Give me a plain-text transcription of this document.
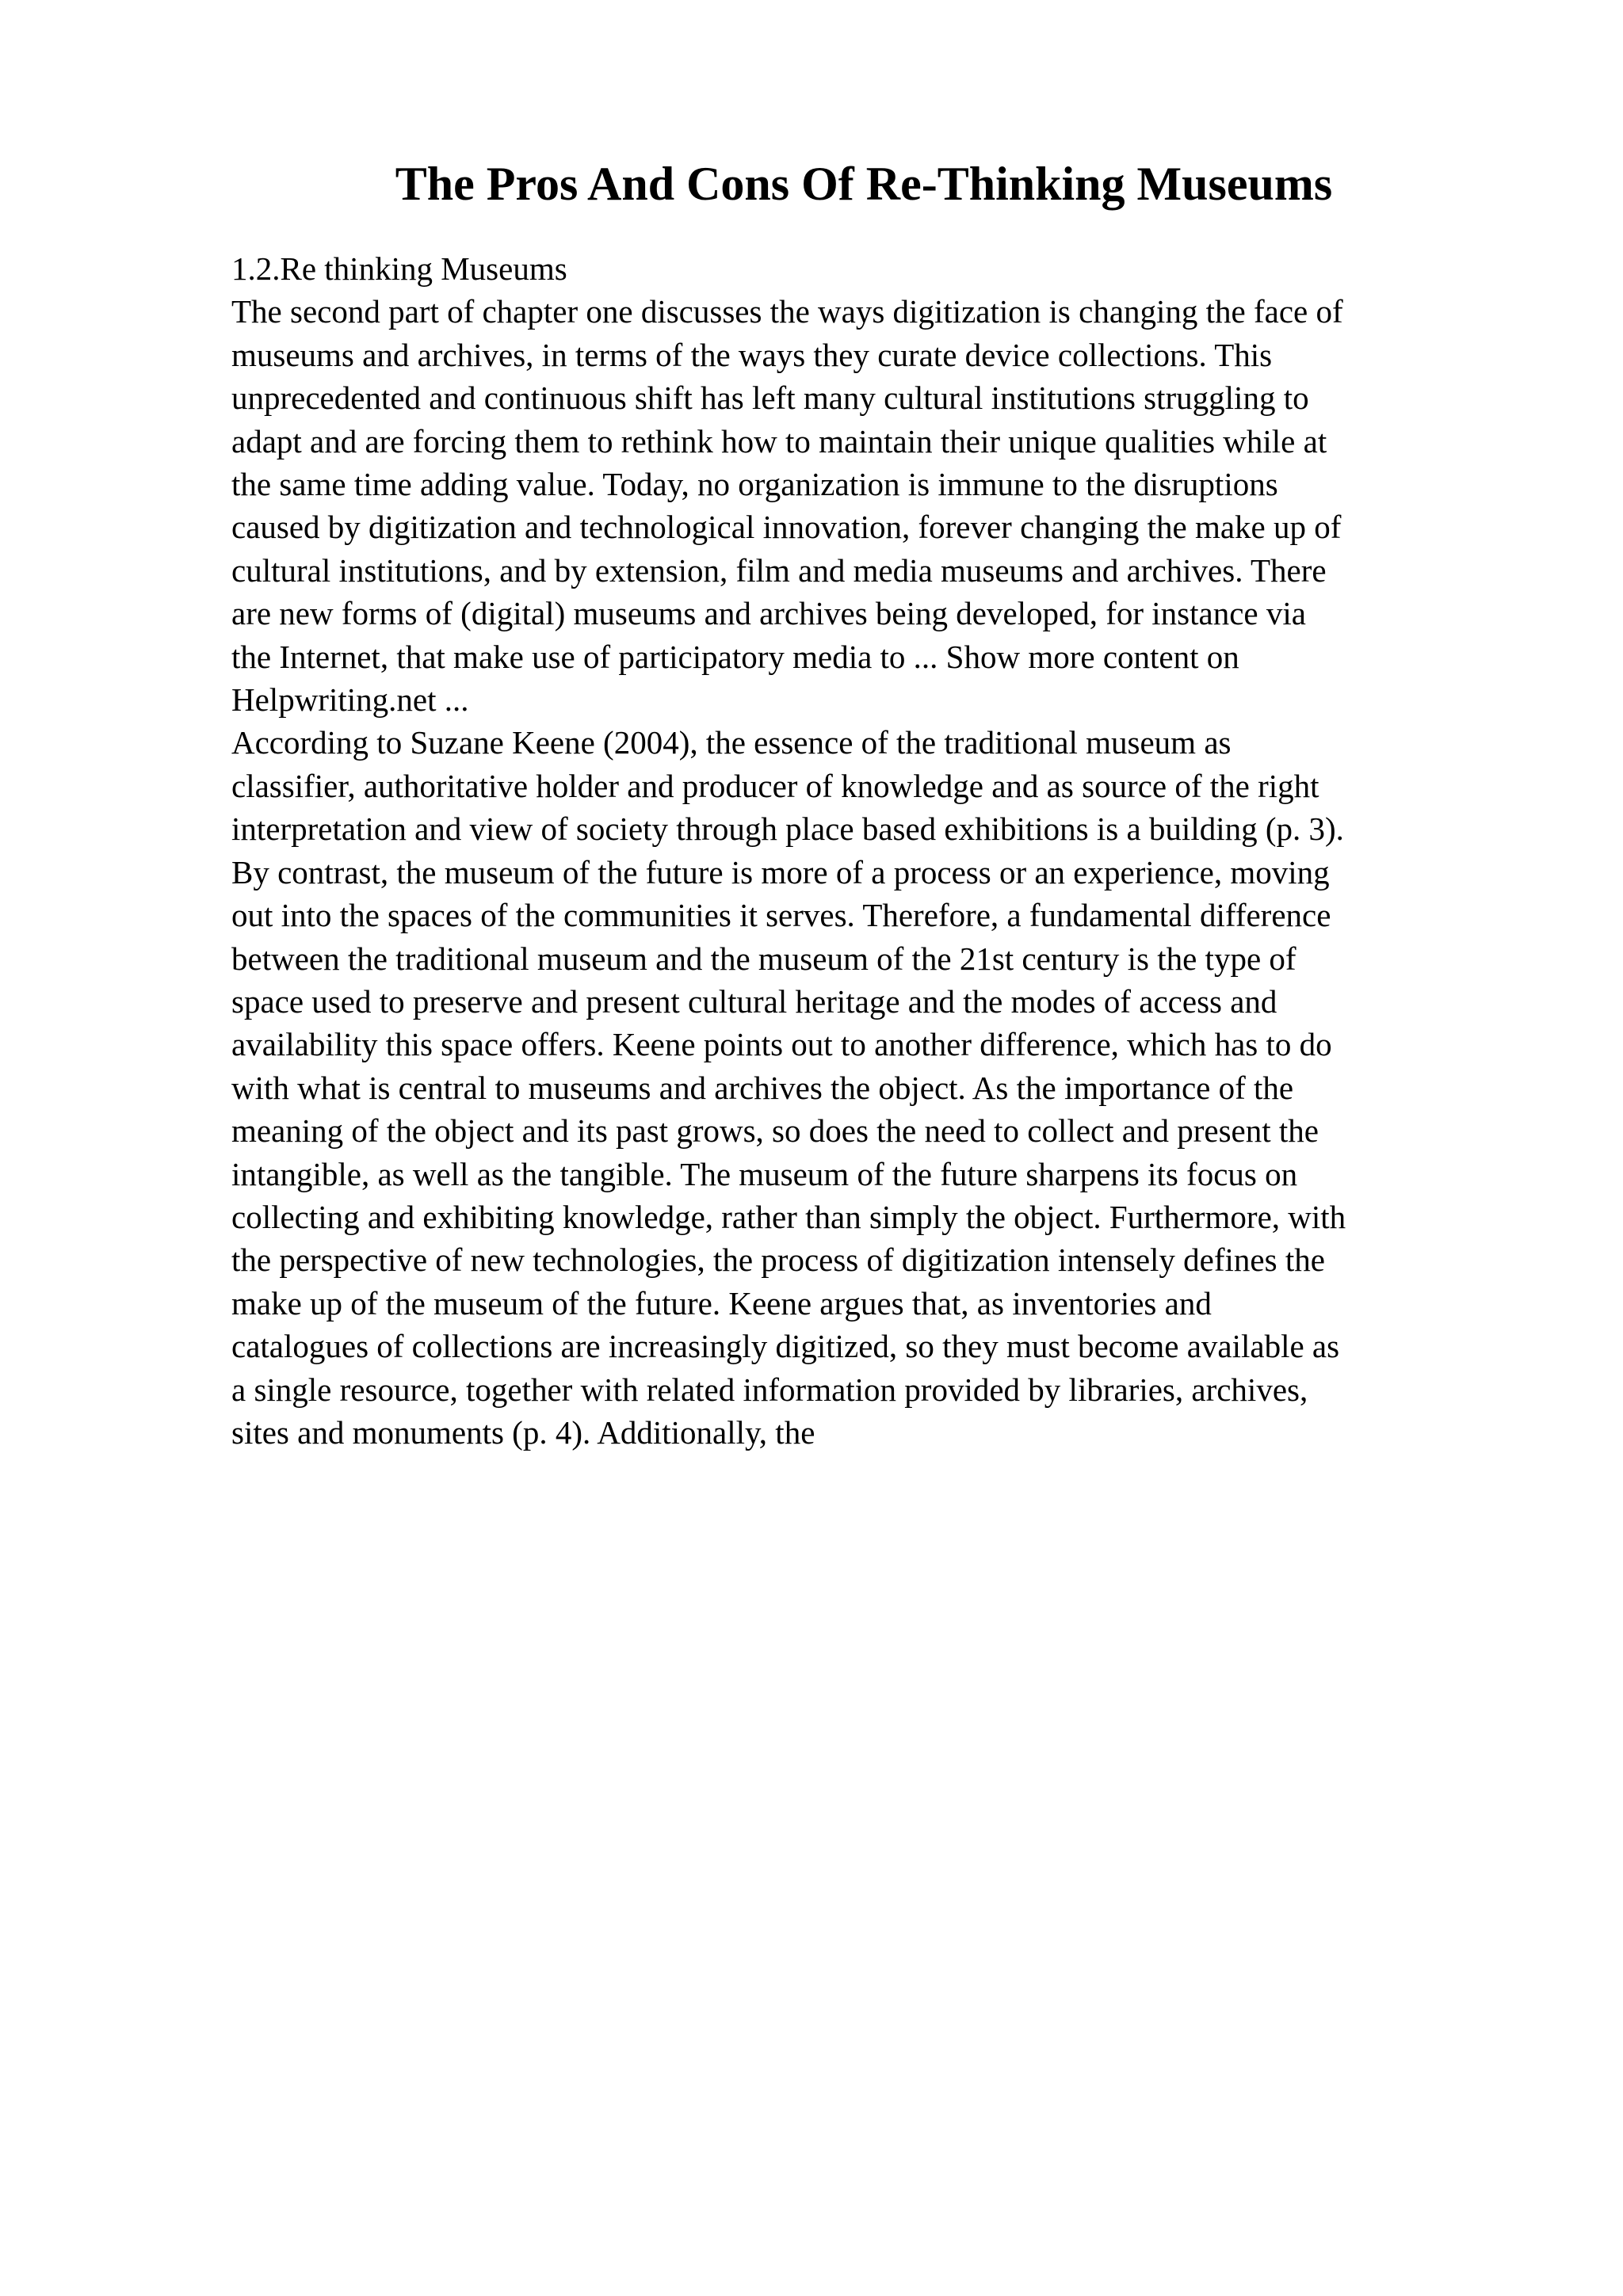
The Pros And Cons Of Re-Thinking Museums
1.2.Re thinking Museums
The second part of chapter one discusses the ways digitization is changing the face of
museums and archives, in terms of the ways they curate device collections. This
unprecedented and continuous shift has left many cultural institutions struggling to
adapt and are forcing them to rethink how to maintain their unique qualities while at
the same time adding value. Today, no organization is immune to the disruptions
caused by digitization and technological innovation, forever changing the make up of
cultural institutions, and by extension, film and media museums and archives. There
are new forms of (digital) museums and archives being developed, for instance via
the Internet, that make use of participatory media to ... Show more content on
Helpwriting.net ...
According to Suzane Keene (2004), the essence of the traditional museum as
classifier, authoritative holder and producer of knowledge and as source of the right
interpretation and view of society through place based exhibitions is a building (p. 3).
By contrast, the museum of the future is more of a process or an experience, moving
out into the spaces of the communities it serves. Therefore, a fundamental difference
between the traditional museum and the museum of the 21st century is the type of
space used to preserve and present cultural heritage and the modes of access and
availability this space offers. Keene points out to another difference, which has to do
with what is central to museums and archives the object. As the importance of the
meaning of the object and its past grows, so does the need to collect and present the
intangible, as well as the tangible. The museum of the future sharpens its focus on
collecting and exhibiting knowledge, rather than simply the object. Furthermore, with
the perspective of new technologies, the process of digitization intensely defines the
make up of the museum of the future. Keene argues that, as inventories and
catalogues of collections are increasingly digitized, so they must become available as
a single resource, together with related information provided by libraries, archives,
sites and monuments (p. 4). Additionally, the
